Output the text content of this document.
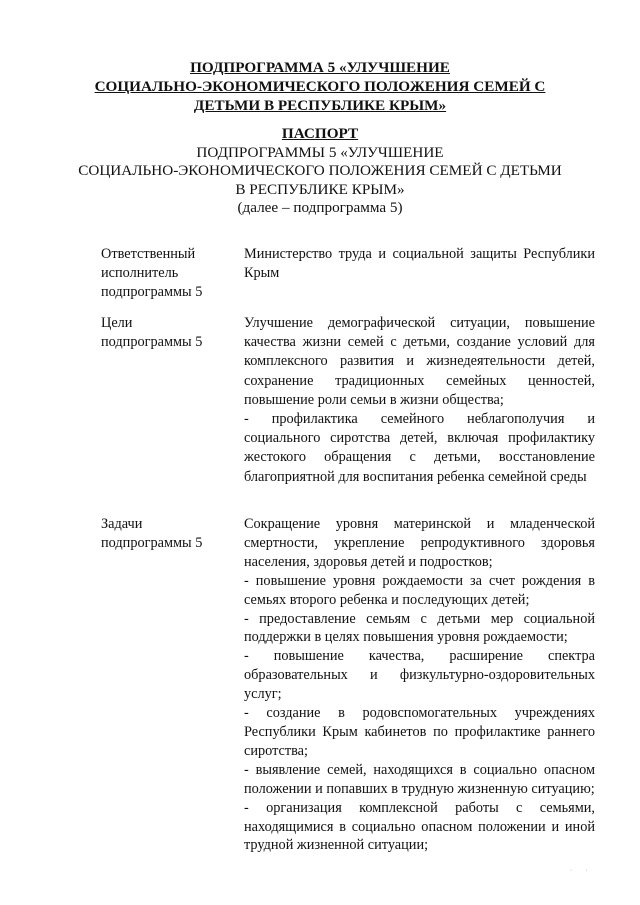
ПОДПРОГРАММА 5 «УЛУЧШЕНИЕ
СОЦИАЛЬНО-ЭКОНОМИЧЕСКОГО ПОЛОЖЕНИЯ СЕМЕЙ С
ДЕТЬМИ В РЕСПУБЛИКЕ КРЫМ»
ПАСПОРТ
ПОДПРОГРАММЫ 5 «УЛУЧШЕНИЕ
СОЦИАЛЬНО-ЭКОНОМИЧЕСКОГО ПОЛОЖЕНИЯ СЕМЕЙ С ДЕТЬМИ
В РЕСПУБЛИКЕ КРЫМ»
(далее – подпрограмма 5)
Ответственный
исполнитель
подпрограммы 5

Министерство труда и социальной защиты Республики Крым

Цели
подпрограммы 5

Улучшение демографической ситуации, повышение качества жизни семей с детьми, создание условий для комплексного развития и жизнедеятельности детей, сохранение традиционных семейных ценностей, повышение роли семьи в жизни общества;

- профилактика семейного неблагополучия и социального сиротства детей, включая профилактику жестокого обращения с детьми, восстановление благоприятной для воспитания ребенка семейной среды

Задачи
подпрограммы 5

Сокращение уровня материнской и младенческой смертности, укрепление репродуктивного здоровья населения, здоровья детей и подростков;

- повышение уровня рождаемости за счет рождения в семьях второго ребенка и последующих детей;

- предоставление семьям с детьми мер социальной поддержки в целях повышения уровня рождаемости;

- повышение качества, расширение спектра образовательных и физкультурно-оздоровительных услуг;

- создание в родовспомогательных учреждениях Республики Крым кабинетов по профилактике раннего сиротства;

- выявление семей, находящихся в социально опасном положении и попавших в трудную жизненную ситуацию;

- организация комплексной работы с семьями, находящимися в социально опасном положении и иной трудной жизненной ситуации;

· ·
